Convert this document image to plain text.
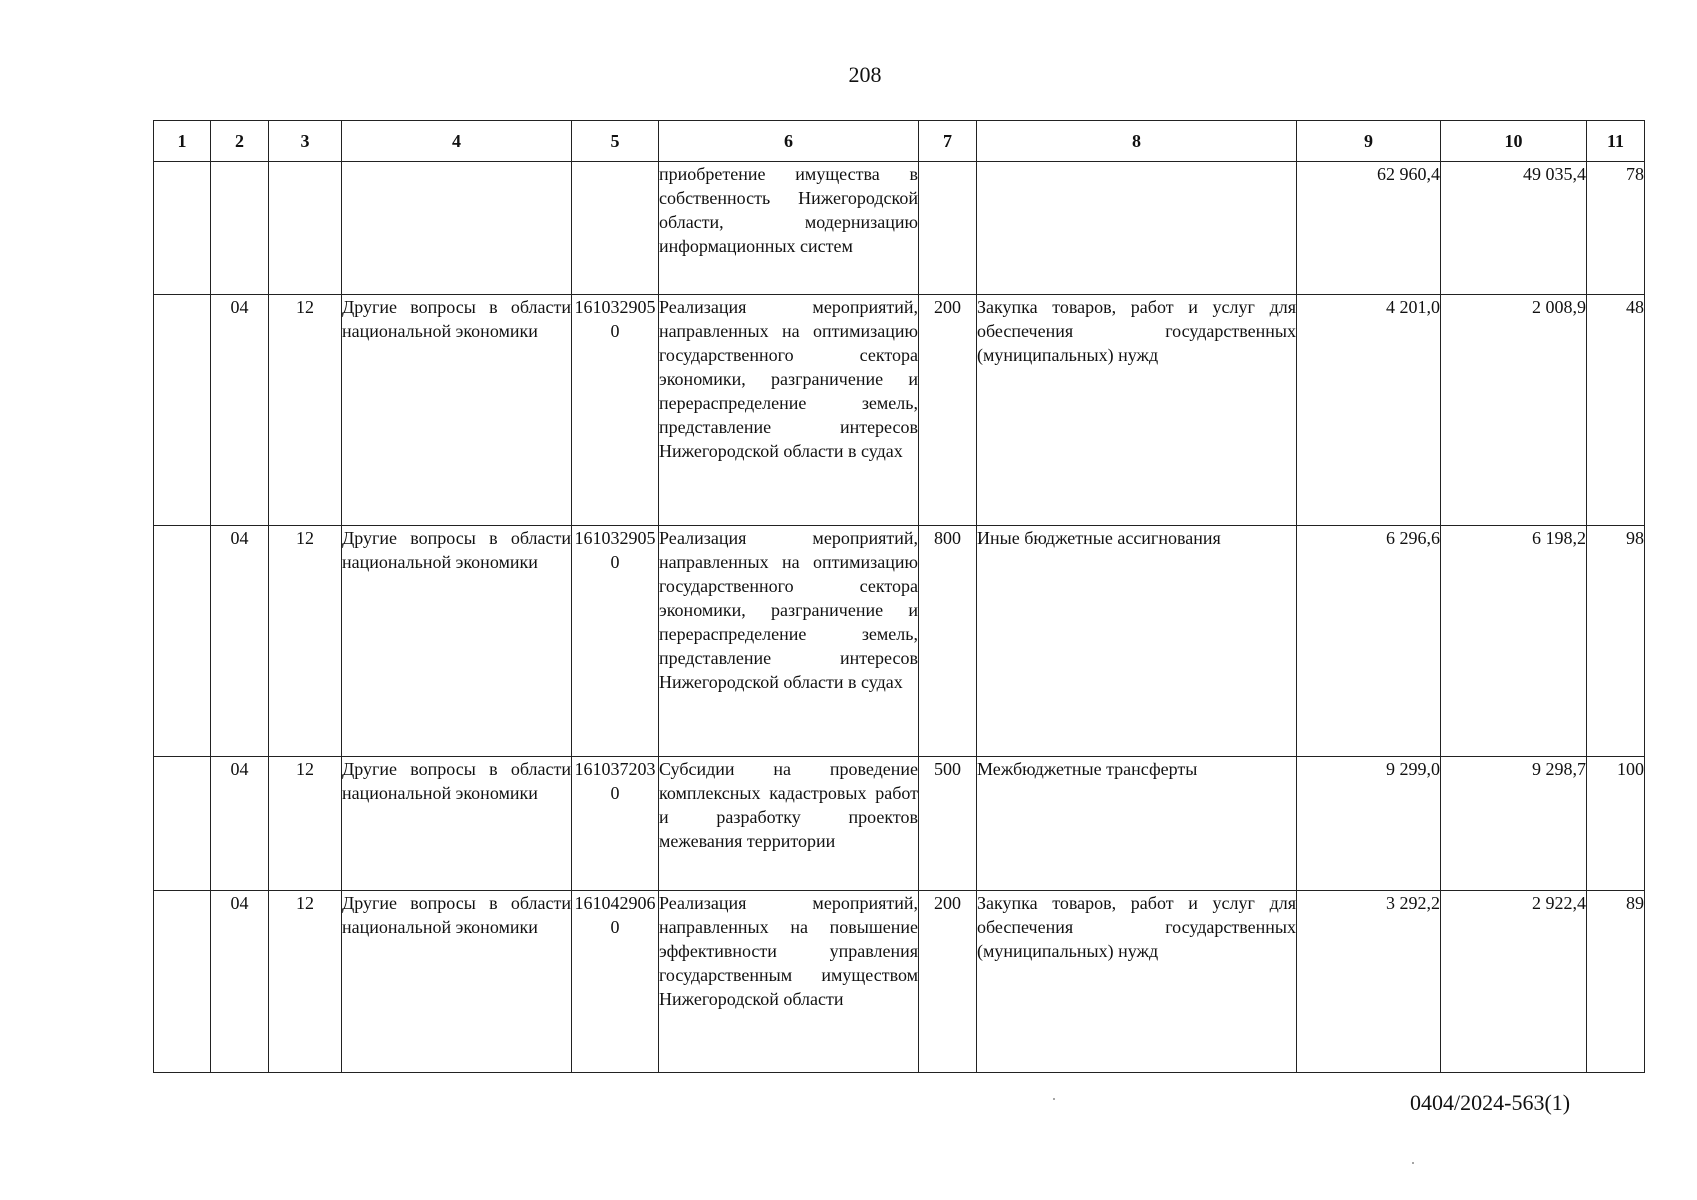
208
1	2	3	4	5	6	7	8	9	10	11
					приобретение имущества в собственность Нижегородской области, модернизацию информационных систем			62 960,4	49 035,4	78
	04	12	Другие вопросы в области национальной экономики	1610329050	Реализация мероприятий, направленных на оптимизацию государственного сектора экономики, разграничение и перераспределение земель, представление интересов Нижегородской области в судах	200	Закупка товаров, работ и услуг для обеспечения государственных (муниципальных) нужд	4 201,0	2 008,9	48
	04	12	Другие вопросы в области национальной экономики	1610329050	Реализация мероприятий, направленных на оптимизацию государственного сектора экономики, разграничение и перераспределение земель, представление интересов Нижегородской области в судах	800	Иные бюджетные ассигнования	6 296,6	6 198,2	98
	04	12	Другие вопросы в области национальной экономики	1610372030	Субсидии на проведение комплексных кадастровых работ и разработку проектов межевания территории	500	Межбюджетные трансферты	9 299,0	9 298,7	100
	04	12	Другие вопросы в области национальной экономики	1610429060	Реализация мероприятий, направленных на повышение эффективности управления государственным имуществом Нижегородской области	200	Закупка товаров, работ и услуг для обеспечения государственных (муниципальных) нужд	3 292,2	2 922,4	89
0404/2024-563(1)
